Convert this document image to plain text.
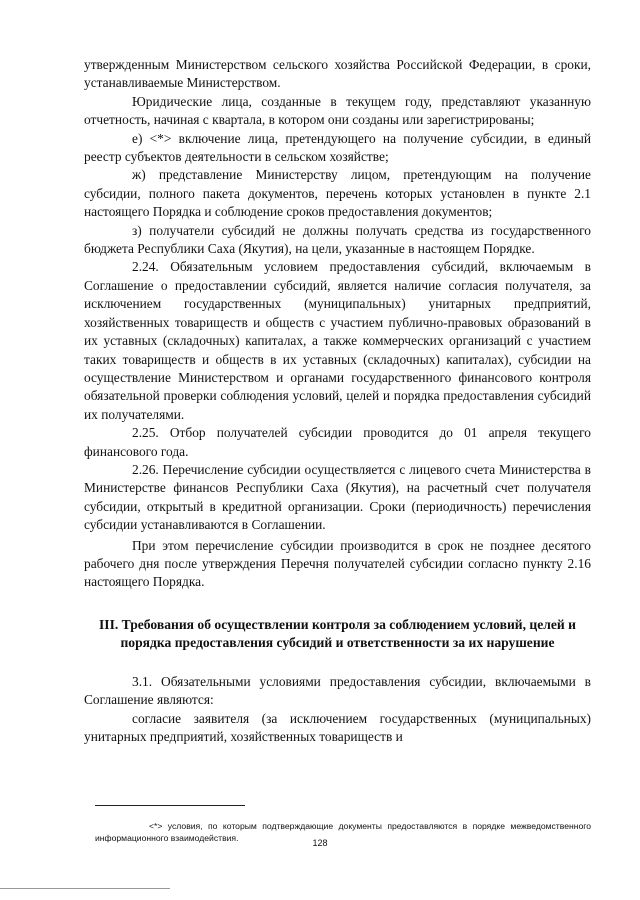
утвержденным Министерством сельского хозяйства Российской Федерации, в сроки, устанавливаемые Министерством.

Юридические лица, созданные в текущем году, представляют указанную отчетность, начиная с квартала, в котором они созданы или зарегистрированы;

е) <*> включение лица, претендующего на получение субсидии, в единый реестр субъектов деятельности в сельском хозяйстве;

ж) представление Министерству лицом, претендующим на получение субсидии, полного пакета документов, перечень которых установлен в пункте 2.1 настоящего Порядка и соблюдение сроков предоставления документов;

з) получатели субсидий не должны получать средства из государственного бюджета Республики Саха (Якутия), на цели, указанные в настоящем Порядке.

2.24. Обязательным условием предоставления субсидий, включаемым в Соглашение о предоставлении субсидий, является наличие согласия получателя, за исключением государственных (муниципальных) унитарных предприятий, хозяйственных товариществ и обществ с участием публично-правовых образований в их уставных (складочных) капиталах, а также коммерческих организаций с участием таких товариществ и обществ в их уставных (складочных) капиталах), субсидии на осуществление Министерством и органами государственного финансового контроля обязательной проверки соблюдения условий, целей и порядка предоставления субсидий их получателями.

2.25. Отбор получателей субсидии проводится до 01 апреля текущего финансового года.

2.26. Перечисление субсидии осуществляется с лицевого счета Министерства в Министерстве финансов Республики Саха (Якутия), на расчетный счет получателя субсидии, открытый в кредитной организации. Сроки (периодичность) перечисления субсидии устанавливаются в Соглашении.

При этом перечисление субсидии производится в срок не позднее десятого рабочего дня после утверждения Перечня получателей субсидии согласно пункту 2.16 настоящего Порядка.

III. Требования об осуществлении контроля за соблюдением условий, целей и порядка предоставления субсидий и ответственности за их нарушение

3.1. Обязательными условиями предоставления субсидии, включаемыми в Соглашение являются:

согласие заявителя (за исключением государственных (муниципальных) унитарных предприятий, хозяйственных товариществ и

<*> условия, по которым подтверждающие документы предоставляются в порядке межведомственного информационного взаимодействия.

128
